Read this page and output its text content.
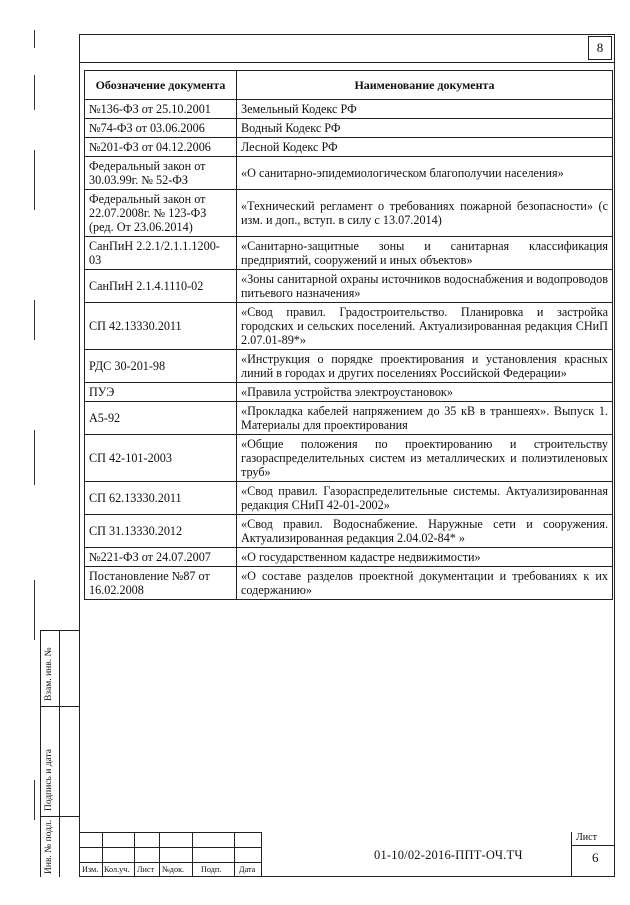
8
Обозначение документа	Наименование документа
№136-ФЗ от 25.10.2001	Земельный Кодекс РФ
№74-ФЗ от 03.06.2006	Водный Кодекс РФ
№201-ФЗ от 04.12.2006	Лесной Кодекс РФ
Федеральный закон от 30.03.99г. № 52-ФЗ	«О санитарно-эпидемиологическом благополучии населения»
Федеральный закон от 22.07.2008г. № 123-ФЗ (ред. От 23.06.2014)	«Технический регламент о требованиях пожарной безопасности» (с изм. и доп., вступ. в силу с 13.07.2014)
СанПиН 2.2.1/2.1.1.1200-03	«Санитарно-защитные зоны и санитарная классификация предприятий, сооружений и иных объектов»
СанПиН 2.1.4.1110-02	«Зоны санитарной охраны источников водоснабжения и водопроводов питьевого назначения»
СП 42.13330.2011	«Свод правил. Градостроительство. Планировка и застройка городских и сельских поселений. Актуализированная редакция СНиП 2.07.01-89*»
РДС 30-201-98	«Инструкция о порядке проектирования и установления красных линий в городах и других поселениях Российской Федерации»
ПУЭ	«Правила устройства электроустановок»
А5-92	«Прокладка кабелей напряжением до 35 кВ в траншеях». Выпуск 1. Материалы для проектирования
СП 42-101-2003	«Общие положения по проектированию и строительству газораспределительных систем из металлических и полиэтиленовых труб»
СП 62.13330.2011	«Свод правил. Газораспределительные системы. Актуализированная редакция СНиП 42-01-2002»
СП 31.13330.2012	«Свод правил. Водоснабжение. Наружные сети и сооружения. Актуализированная редакция 2.04.02-84* »
№221-ФЗ от 24.07.2007	«О государственном кадастре недвижимости»
Постановление №87 от 16.02.2008	«О составе разделов проектной документации и требованиях к их содержанию»
Взам. инв. №
Подпись и дата
Инв. № подл.	Изм. Кол.уч. Лист №док. Подп. Дата
01-10/02-2016-ППТ-ОЧ.ТЧ
Лист
6
